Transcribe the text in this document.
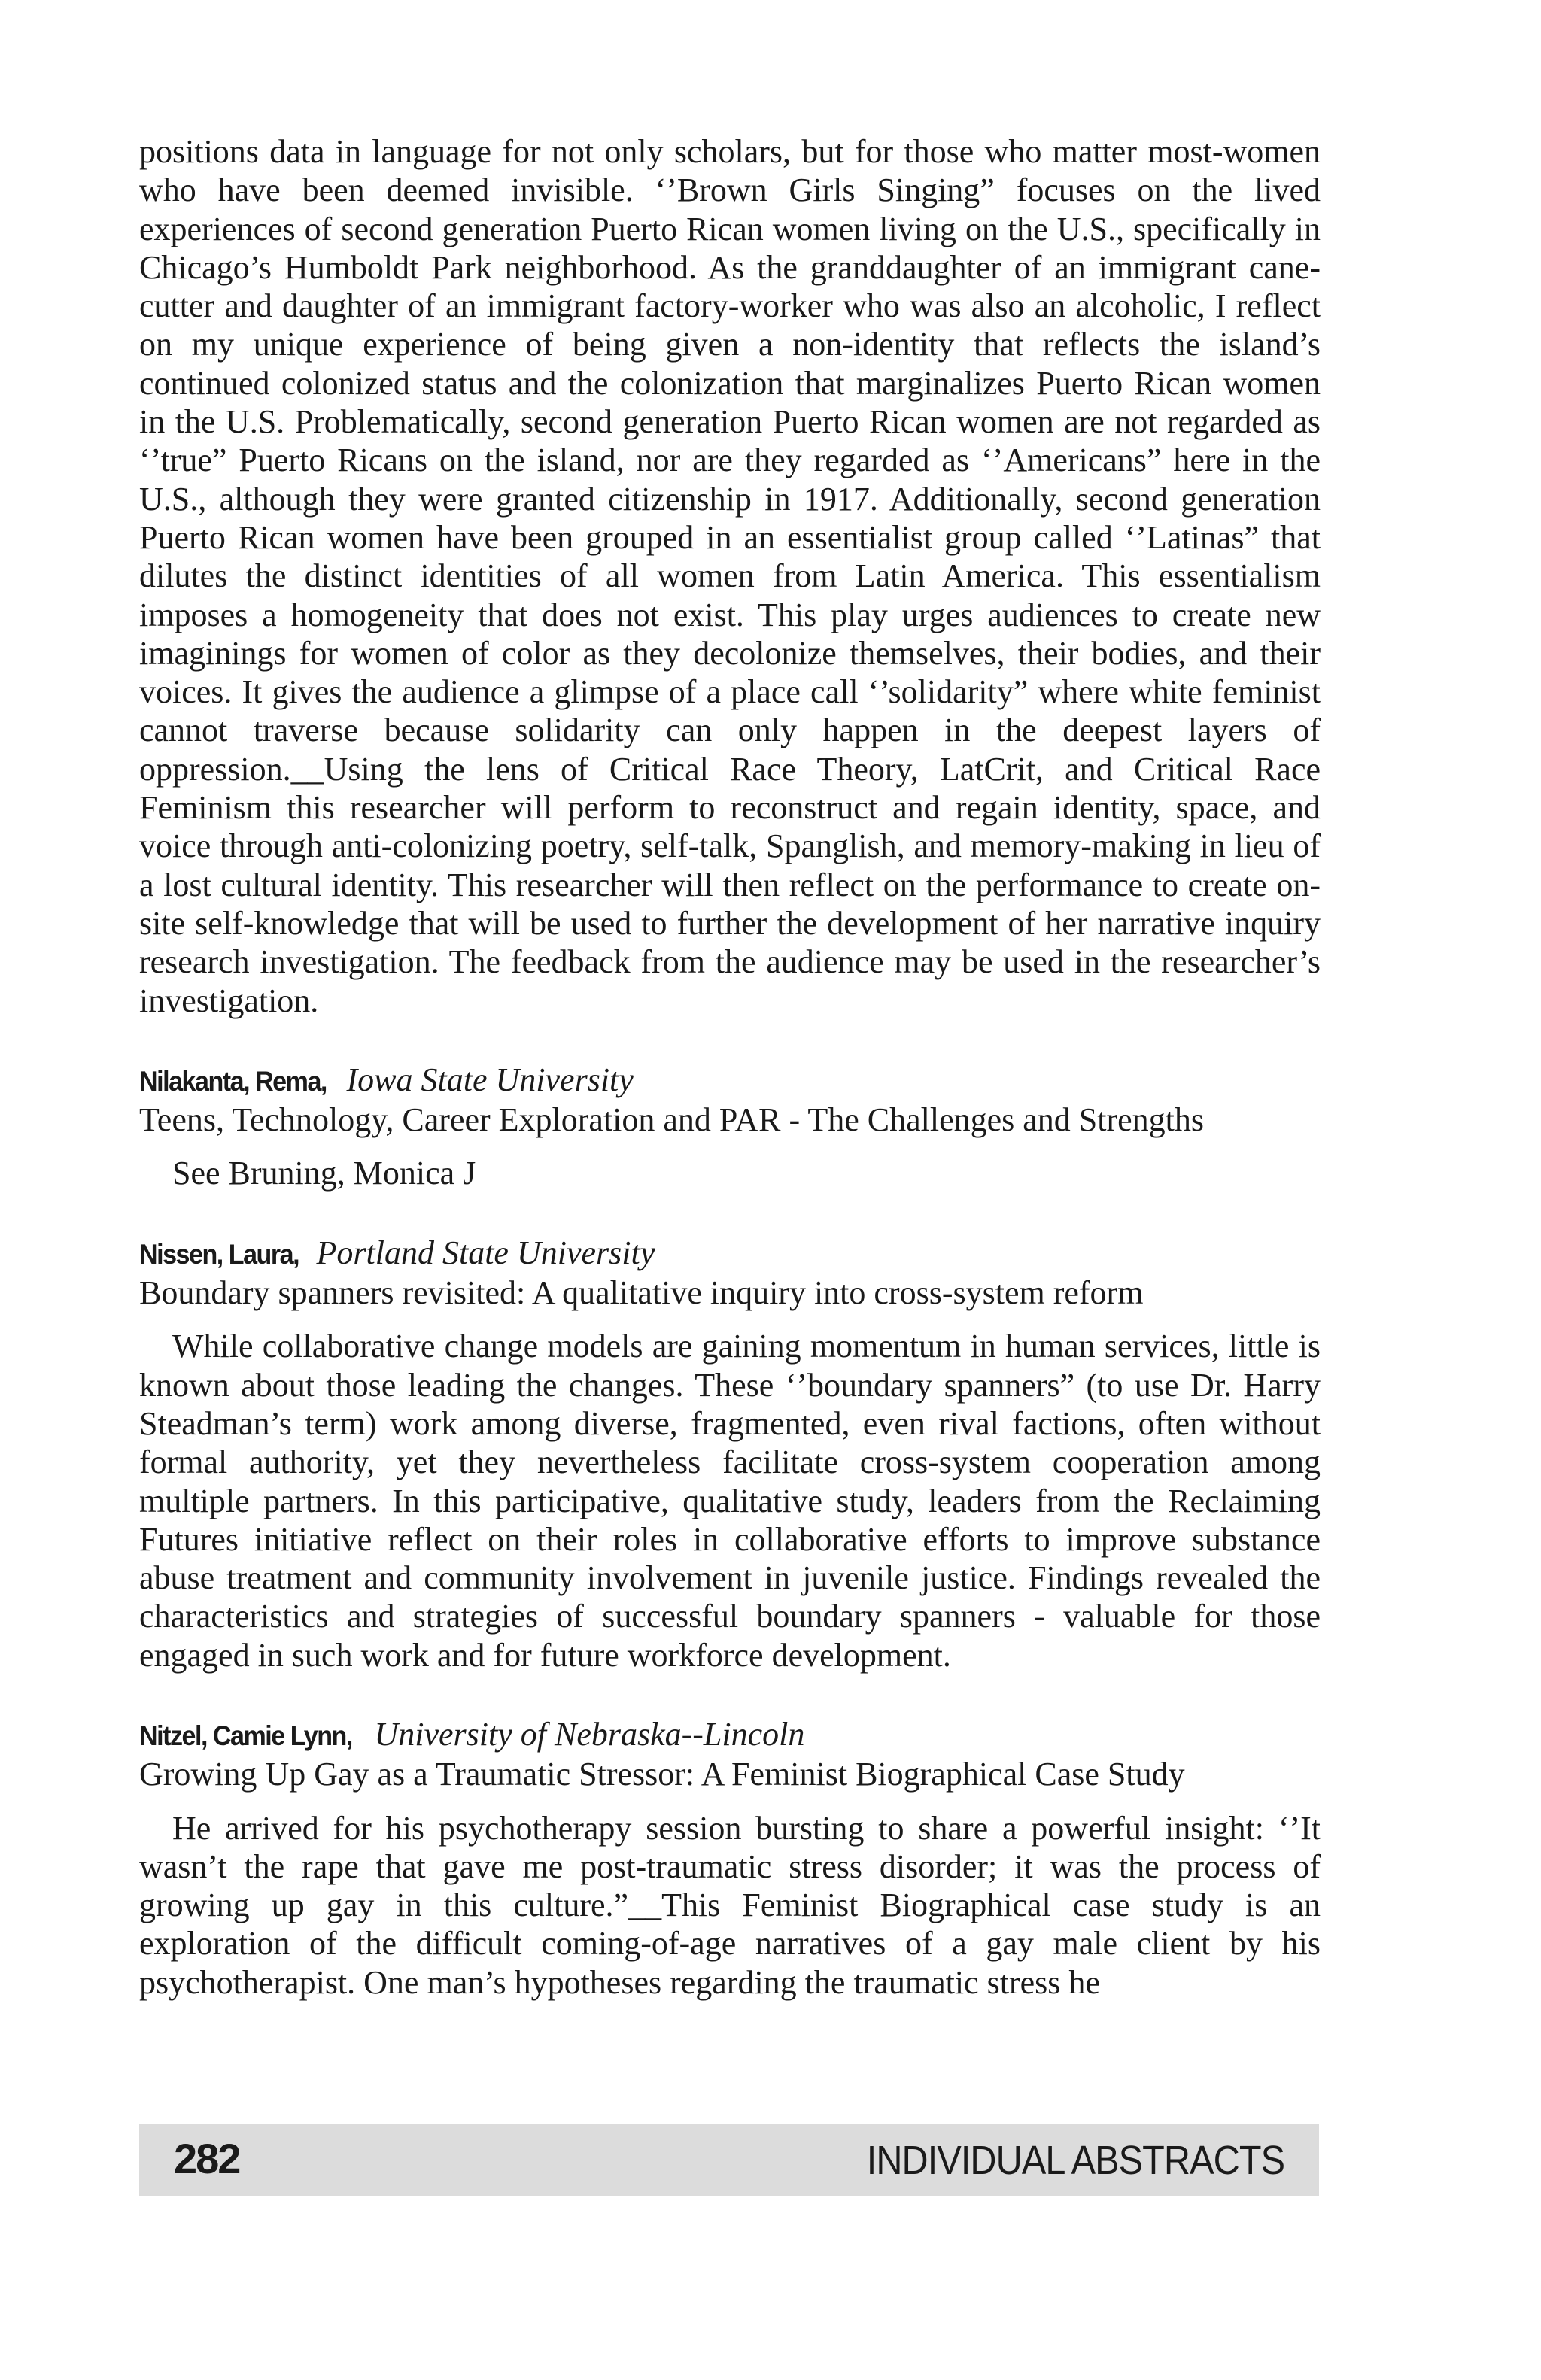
positions data in language for not only scholars, but for those who matter most-women who have been deemed invisible. ‘’Brown Girls Singing” focuses on the lived experiences of second generation Puerto Rican women living on the U.S., specifically in Chicago’s Humboldt Park neighborhood. As the granddaughter of an immigrant cane-cutter and daughter of an immigrant factory-worker who was also an alcoholic, I reflect on my unique experience of being given a non-identity that reflects the island’s continued colonized status and the colonization that marginalizes Puerto Rican women in the U.S. Problematically, second generation Puerto Rican women are not regarded as ‘’true” Puerto Ricans on the island, nor are they regarded as ‘’Americans” here in the U.S., although they were granted citizenship in 1917. Additionally, second generation Puerto Rican women have been grouped in an essentialist group called ‘’Latinas” that dilutes the distinct identities of all women from Latin America. This essentialism imposes a homogeneity that does not exist. This play urges audiences to create new imaginings for women of color as they decolonize themselves, their bodies, and their voices. It gives the audience a glimpse of a place call ‘’solidarity” where white feminist cannot traverse because solidarity can only happen in the deepest layers of oppression.__Using the lens of Critical Race Theory, LatCrit, and Critical Race Feminism this researcher will perform to reconstruct and regain identity, space, and voice through anti-colonizing poetry, self-talk, Spanglish, and memory-making in lieu of a lost cultural identity. This researcher will then reflect on the performance to create on-site self-knowledge that will be used to further the development of her narrative inquiry research investigation. The feedback from the audience may be used in the researcher’s investigation.

Nilakanta, Rema, Iowa State University

Teens, Technology, Career Exploration and PAR - The Challenges and Strengths

See Bruning, Monica J

Nissen, Laura, Portland State University

Boundary spanners revisited: A qualitative inquiry into cross-system reform

While collaborative change models are gaining momentum in human services, little is known about those leading the changes. These ‘’boundary spanners” (to use Dr. Harry Steadman’s term) work among diverse, fragmented, even rival factions, often without formal authority, yet they nevertheless facilitate cross-system cooperation among multiple partners. In this participative, qualitative study, leaders from the Reclaiming Futures initiative reflect on their roles in collaborative efforts to improve substance abuse treatment and community involvement in juvenile justice. Findings revealed the characteristics and strategies of successful boundary spanners - valuable for those engaged in such work and for future workforce development.

Nitzel, Camie Lynn, University of Nebraska--Lincoln

Growing Up Gay as a Traumatic Stressor: A Feminist Biographical Case Study

He arrived for his psychotherapy session bursting to share a powerful insight: ‘’It wasn’t the rape that gave me post-traumatic stress disorder; it was the process of growing up gay in this culture.”__This Feminist Biographical case study is an exploration of the difficult coming-of-age narratives of a gay male client by his psychotherapist. One man’s hypotheses regarding the traumatic stress he

282	INDIVIDUAL ABSTRACTS
